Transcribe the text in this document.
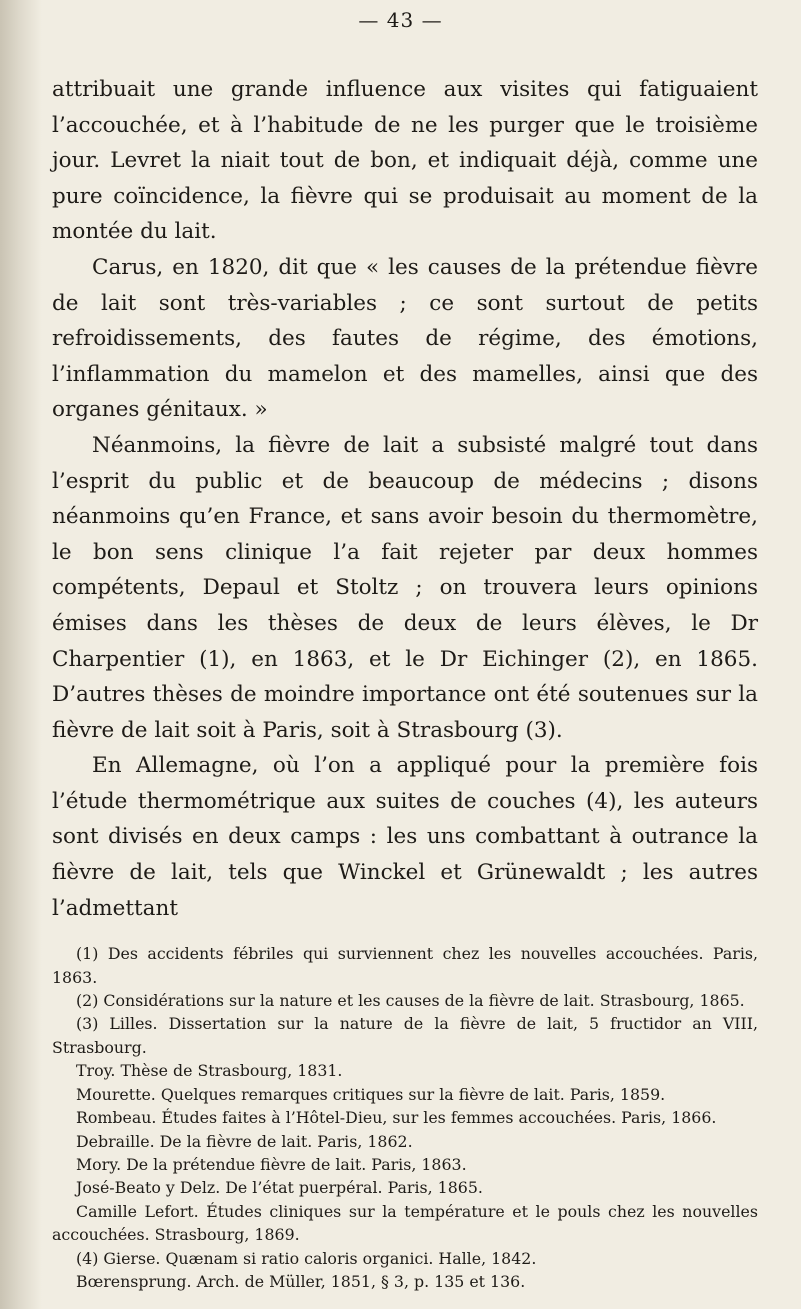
— 43 —

attribuait une grande influence aux visites qui fatiguaient l’accouchée, et à l’habitude de ne les purger que le troisième jour. Levret la niait tout de bon, et indiquait déjà, comme une pure coïncidence, la fièvre qui se produisait au moment de la montée du lait.

Carus, en 1820, dit que « les causes de la prétendue fièvre de lait sont très-variables ; ce sont surtout de petits refroidissements, des fautes de régime, des émotions, l’inflammation du mamelon et des mamelles, ainsi que des organes génitaux. »

Néanmoins, la fièvre de lait a subsisté malgré tout dans l’esprit du public et de beaucoup de médecins ; disons néanmoins qu’en France, et sans avoir besoin du thermomètre, le bon sens clinique l’a fait rejeter par deux hommes compétents, Depaul et Stoltz ; on trouvera leurs opinions émises dans les thèses de deux de leurs élèves, le Dr Charpentier (1), en 1863, et le Dr Eichinger (2), en 1865. D’autres thèses de moindre importance ont été soutenues sur la fièvre de lait soit à Paris, soit à Strasbourg (3).

En Allemagne, où l’on a appliqué pour la première fois l’étude thermométrique aux suites de couches (4), les auteurs sont divisés en deux camps : les uns combattant à outrance la fièvre de lait, tels que Winckel et Grünewaldt ; les autres l’admettant

(1) Des accidents fébriles qui surviennent chez les nouvelles accouchées. Paris, 1863.

(2) Considérations sur la nature et les causes de la fièvre de lait. Strasbourg, 1865.

(3) Lilles. Dissertation sur la nature de la fièvre de lait, 5 fructidor an VIII, Strasbourg.

Troy. Thèse de Strasbourg, 1831.

Mourette. Quelques remarques critiques sur la fièvre de lait. Paris, 1859.

Rombeau. Études faites à l’Hôtel-Dieu, sur les femmes accouchées. Paris, 1866.

Debraille. De la fièvre de lait. Paris, 1862.

Mory. De la prétendue fièvre de lait. Paris, 1863.

José-Beato y Delz. De l’état puerpéral. Paris, 1865.

Camille Lefort. Études cliniques sur la température et le pouls chez les nouvelles accouchées. Strasbourg, 1869.

(4) Gierse. Quænam si ratio caloris organici. Halle, 1842.

Bœrensprung. Arch. de Müller, 1851, § 3, p. 135 et 136.
